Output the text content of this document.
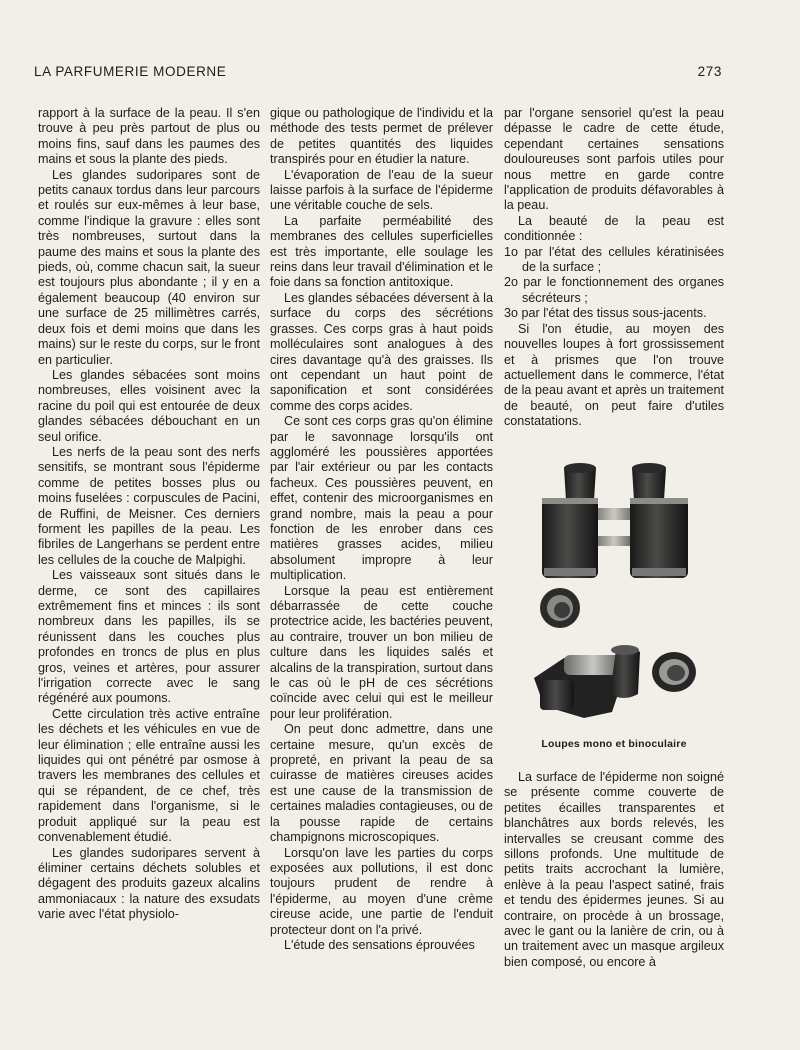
LA PARFUMERIE MODERNE	273

rapport à la surface de la peau. Il s'en trouve à peu près partout de plus ou moins fins, sauf dans les paumes des mains et sous la plante des pieds.

Les glandes sudoripares sont de petits canaux tordus dans leur parcours et roulés sur eux-mêmes à leur base, comme l'indique la gravure : elles sont très nombreuses, surtout dans la paume des mains et sous la plante des pieds, où, comme chacun sait, la sueur est toujours plus abondante ; il y en a également beaucoup (40 environ sur une surface de 25 millimètres carrés, deux fois et demi moins que dans les mains) sur le reste du corps, sur le front en particulier.

Les glandes sébacées sont moins nombreuses, elles voisinent avec la racine du poil qui est entourée de deux glandes sébacées débouchant en un seul orifice.

Les nerfs de la peau sont des nerfs sensitifs, se montrant sous l'épiderme comme de petites bosses plus ou moins fuselées : corpuscules de Pacini, de Ruffini, de Meisner. Ces derniers forment les papilles de la peau. Les fibriles de Langerhans se perdent entre les cellules de la couche de Malpighi.

Les vaisseaux sont situés dans le derme, ce sont des capillaires extrêmement fins et minces : ils sont nombreux dans les papilles, ils se réunissent dans les couches plus profondes en troncs de plus en plus gros, veines et artères, pour assurer l'irrigation correcte avec le sang régénéré aux poumons.

Cette circulation très active entraîne les déchets et les véhicules en vue de leur élimination ; elle entraîne aussi les liquides qui ont pénétré par osmose à travers les membranes des cellules et qui se répandent, de ce chef, très rapidement dans l'organisme, si le produit appliqué sur la peau est convenablement étudié.

Les glandes sudoripares servent à éliminer certains déchets solubles et dégagent des produits gazeux alcalins ammoniacaux : la nature des exsudats varie avec l'état physiolo-

gique ou pathologique de l'individu et la méthode des tests permet de prélever de petites quantités des liquides transpirés pour en étudier la nature.

L'évaporation de l'eau de la sueur laisse parfois à la surface de l'épiderme une véritable couche de sels.

La parfaite perméabilité des membranes des cellules superficielles est très importante, elle soulage les reins dans leur travail d'élimination et le foie dans sa fonction antitoxique.

Les glandes sébacées déversent à la surface du corps des sécrétions grasses. Ces corps gras à haut poids molléculaires sont analogues à des cires davantage qu'à des graisses. Ils ont cependant un haut point de saponification et sont considérées comme des corps acides.

Ce sont ces corps gras qu'on élimine par le savonnage lorsqu'ils ont aggloméré les poussières apportées par l'air extérieur ou par les contacts facheux. Ces poussières peuvent, en effet, contenir des microorganismes en grand nombre, mais la peau a pour fonction de les enrober dans ces matières grasses acides, milieu absolument impropre à leur multiplication.

Lorsque la peau est entièrement débarrassée de cette couche protectrice acide, les bactéries peuvent, au contraire, trouver un bon milieu de culture dans les liquides salés et alcalins de la transpiration, surtout dans le cas où le pH de ces sécrétions coïncide avec celui qui est le meilleur pour leur prolifération.

On peut donc admettre, dans une certaine mesure, qu'un excès de propreté, en privant la peau de sa cuirasse de matières cireuses acides est une cause de la transmission de certaines maladies contagieuses, ou de la pousse rapide de certains champignons microscopiques.

Lorsqu'on lave les parties du corps exposées aux pollutions, il est donc toujours prudent de rendre à l'épiderme, au moyen d'une crème cireuse acide, une partie de l'enduit protecteur dont on l'a privé.

L'étude des sensations éprouvées

par l'organe sensoriel qu'est la peau dépasse le cadre de cette étude, cependant certaines sensations douloureuses sont parfois utiles pour nous mettre en garde contre l'application de produits défavorables à la peau.

La beauté de la peau est conditionnée :

1o par l'état des cellules kératinisées de la surface ;
2o par le fonctionnement des organes sécréteurs ;
3o par l'état des tissus sous-jacents.

Si l'on étudie, au moyen des nouvelles loupes à fort grossissement et à prismes que l'on trouve actuellement dans le commerce, l'état de la peau avant et après un traitement de beauté, on peut faire d'utiles constatations.

Loupes mono et binoculaire

La surface de l'épiderme non soigné se présente comme couverte de petites écailles transparentes et blanchâtres aux bords relevés, les intervalles se creusant comme des sillons profonds. Une multitude de petits traits accrochant la lumière, enlève à la peau l'aspect satiné, frais et tendu des épidermes jeunes. Si au contraire, on procède à un brossage, avec le gant ou la lanière de crin, ou à un traitement avec un masque argileux bien composé, ou encore à
